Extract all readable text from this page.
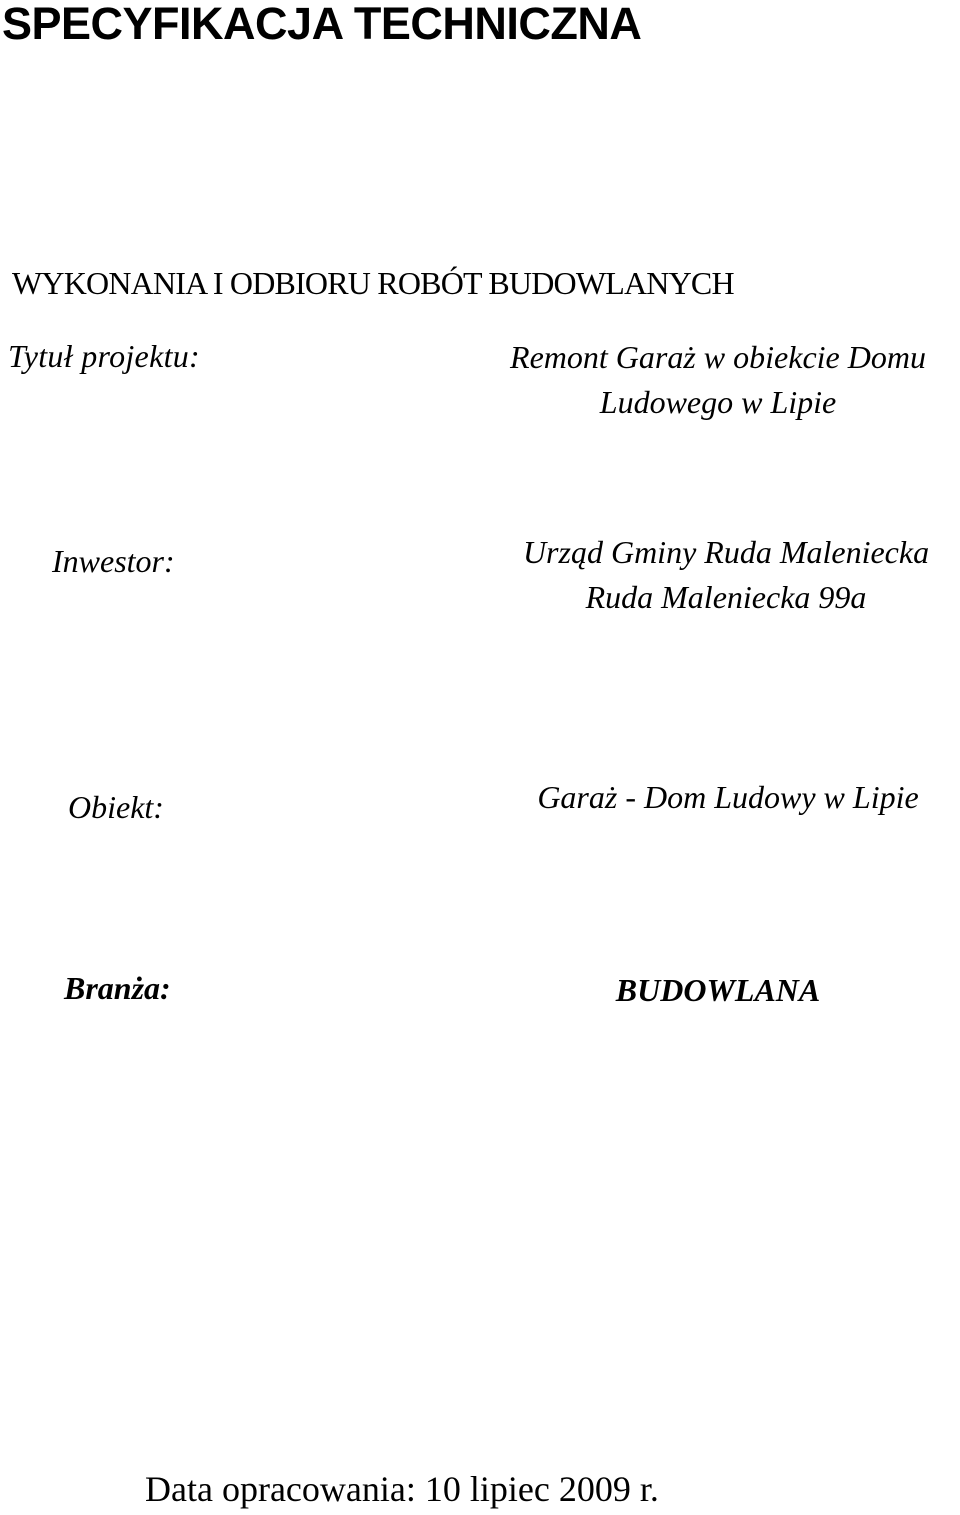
SPECYFIKACJA TECHNICZNA
WYKONANIA I ODBIORU ROBÓT BUDOWLANYCH
Tytuł projektu:	Remont Garaż w obiekcie Domu
Ludowego w Lipie
Inwestor:	Urząd Gminy Ruda Maleniecka
Ruda Maleniecka 99a
Obiekt:	Garaż - Dom Ludowy w Lipie
Branża:	BUDOWLANA
Data opracowania: 10 lipiec 2009 r.
